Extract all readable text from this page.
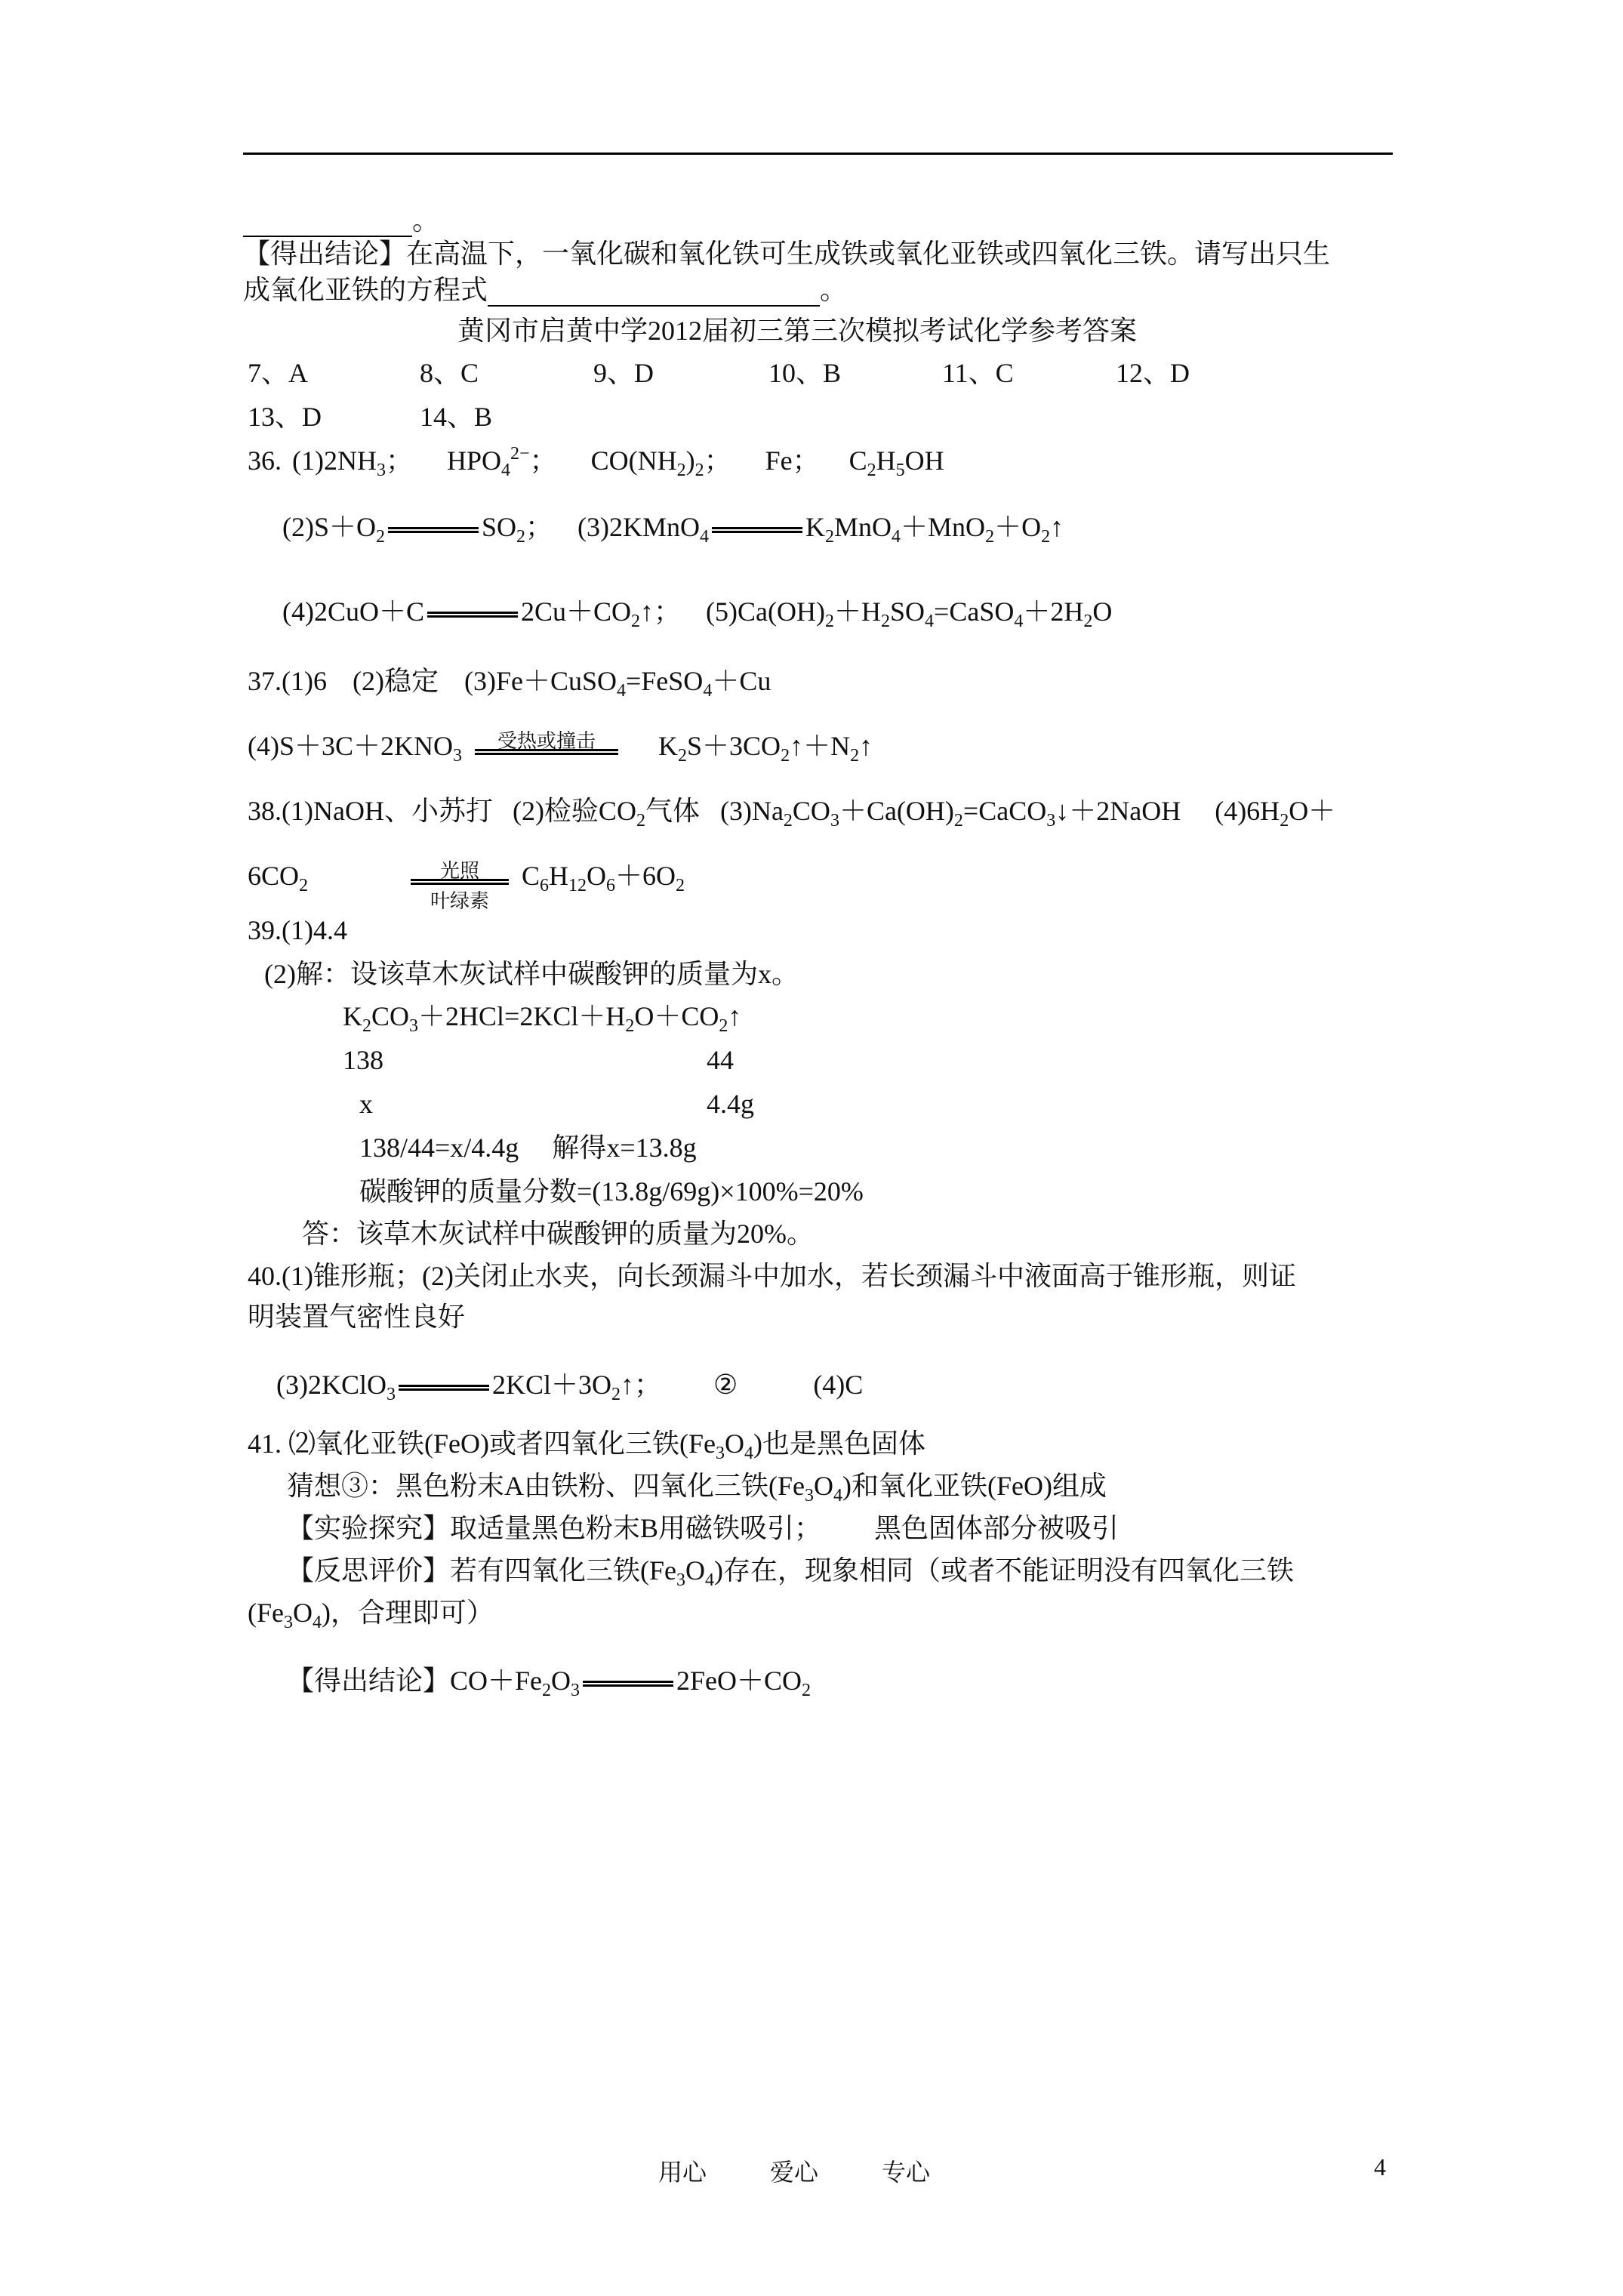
。
【得出结论】在高温下，一氧化碳和氧化铁可生成铁或氧化亚铁或四氧化三铁。请写出只生
成氧化亚铁的方程式	。
黄冈市启黄中学2012届初三第三次模拟考试化学参考答案
7、A	8、C	9、D	10、B	11、C	12、D
13、D	14、B
36. $(1)2NH_3$； $HPO_4^{2-}$； $CO(NH_2)_2$； Fe； $C_2H_5OH$
$(2)S+O_2$	$SO_2$； (3)2KMnO$_4$	$K_2MnO_4+MnO_2+O_2↑$
(4)2CuO＋C	$2Cu+CO_2↑$； $(5)Ca(OH)_2+H_2SO_4=CaSO_4+2H_2O$
37.(1)6 (2)稳定 (3)Fe＋CuSO$_4$=FeSO$_4$＋Cu
$(4)S+3C+2KNO_3$
受热或撞击	$K_2S+3CO_2↑+N_2↑$
38.(1)NaOH、小苏打 (2)检验$CO_2$气体 $(3)Na_2CO_3+Ca(OH)_2=CaCO_3↓+2NaOH$ $(4)6H_2O+$
$6CO_2$
光照
叶绿素
$C_6H_{12}O_6+6O_2$
39.(1)4.4
(2)解：设该草木灰试样中碳酸钾的质量为x。
$K_2CO_3+2HCl=2KCl+H_2O+CO_2↑$
138	44
x	4.4g
138/44=x/4.4g 解得x=13.8g
碳酸钾的质量分数=(13.8g/69g)×100%=20%
答：该草木灰试样中碳酸钾的质量为20%。
40.(1)锥形瓶；(2)关闭止水夹，向长颈漏斗中加水，若长颈漏斗中液面高于锥形瓶，则证
明装置气密性良好
(3)2KClO$_3$	$2KCl+3O_2↑$； ②	(4)C
41. ⑵氧化亚铁(FeO)或者四氧化三铁$(Fe_3O_4)$也是黑色固体
猜想③：黑色粉末A由铁粉、四氧化三铁$(Fe_3O_4)$和氧化亚铁(FeO)组成
【实验探究】取适量黑色粉末B用磁铁吸引； 黑色固体部分被吸引
【反思评价】若有四氧化三铁$(Fe_3O_4)$存在，现象相同（或者不能证明没有四氧化三铁
$(Fe_3O_4)$，合理即可）
【得出结论】$CO+Fe_2O_3$	$2FeO+CO_2$
用心	爱心	专心	4
